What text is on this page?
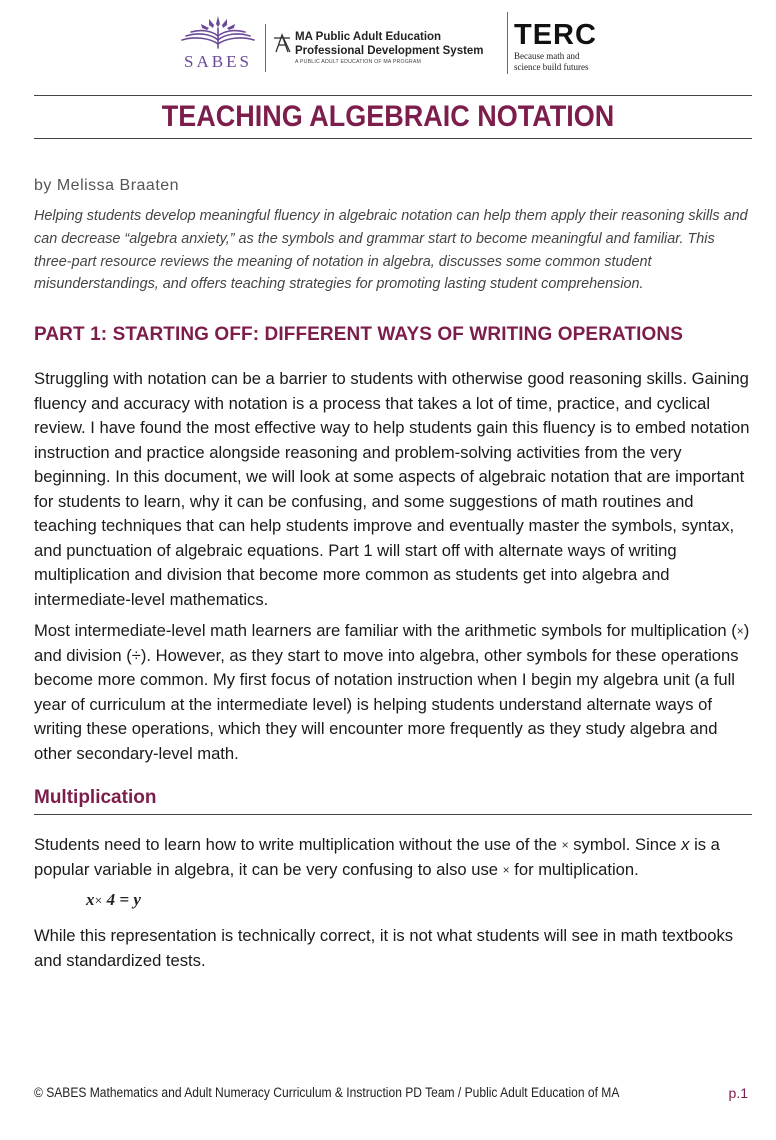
SABES
MA Public Adult Education
Professional Development System
A PUBLIC ADULT EDUCATION OF MA PROGRAM
TERC
Because math and
science build futures
TEACHING ALGEBRAIC NOTATION
by Melissa Braaten
Helping students develop meaningful fluency in algebraic notation can help them apply their reasoning skills and can decrease “algebra anxiety,” as the symbols and grammar start to become meaningful and familiar. This three-part resource reviews the meaning of notation in algebra, discusses some common student misunderstandings, and offers teaching strategies for promoting lasting student comprehension.
PART 1: STARTING OFF: DIFFERENT WAYS OF WRITING OPERATIONS

Struggling with notation can be a barrier to students with otherwise good reasoning skills. Gaining fluency and accuracy with notation is a process that takes a lot of time, practice, and cyclical review. I have found the most effective way to help students gain this fluency is to embed notation instruction and practice alongside reasoning and problem-solving activities from the very beginning. In this document, we will look at some aspects of algebraic notation that are important for students to learn, why it can be confusing, and some suggestions of math routines and teaching techniques that can help students improve and eventually master the symbols, syntax, and punctuation of algebraic equations. Part 1 will start off with alternate ways of writing multiplication and division that become more common as students get into algebra and intermediate-level mathematics.

Most intermediate-level math learners are familiar with the arithmetic symbols for multiplication (×) and division (÷). However, as they start to move into algebra, other symbols for these operations become more common. My first focus of notation instruction when I begin my algebra unit (a full year of curriculum at the intermediate level) is helping students understand alternate ways of writing these operations, which they will encounter more frequently as they study algebra and other secondary-level math.

Multiplication

Students need to learn how to write multiplication without the use of the × symbol. Since x is a popular variable in algebra, it can be very confusing to also use × for multiplication.

x× 4 = y

While this representation is technically correct, it is not what students will see in math textbooks and standardized tests.

© SABES Mathematics and Adult Numeracy Curriculum & Instruction PD Team / Public Adult Education of MA	p.1
